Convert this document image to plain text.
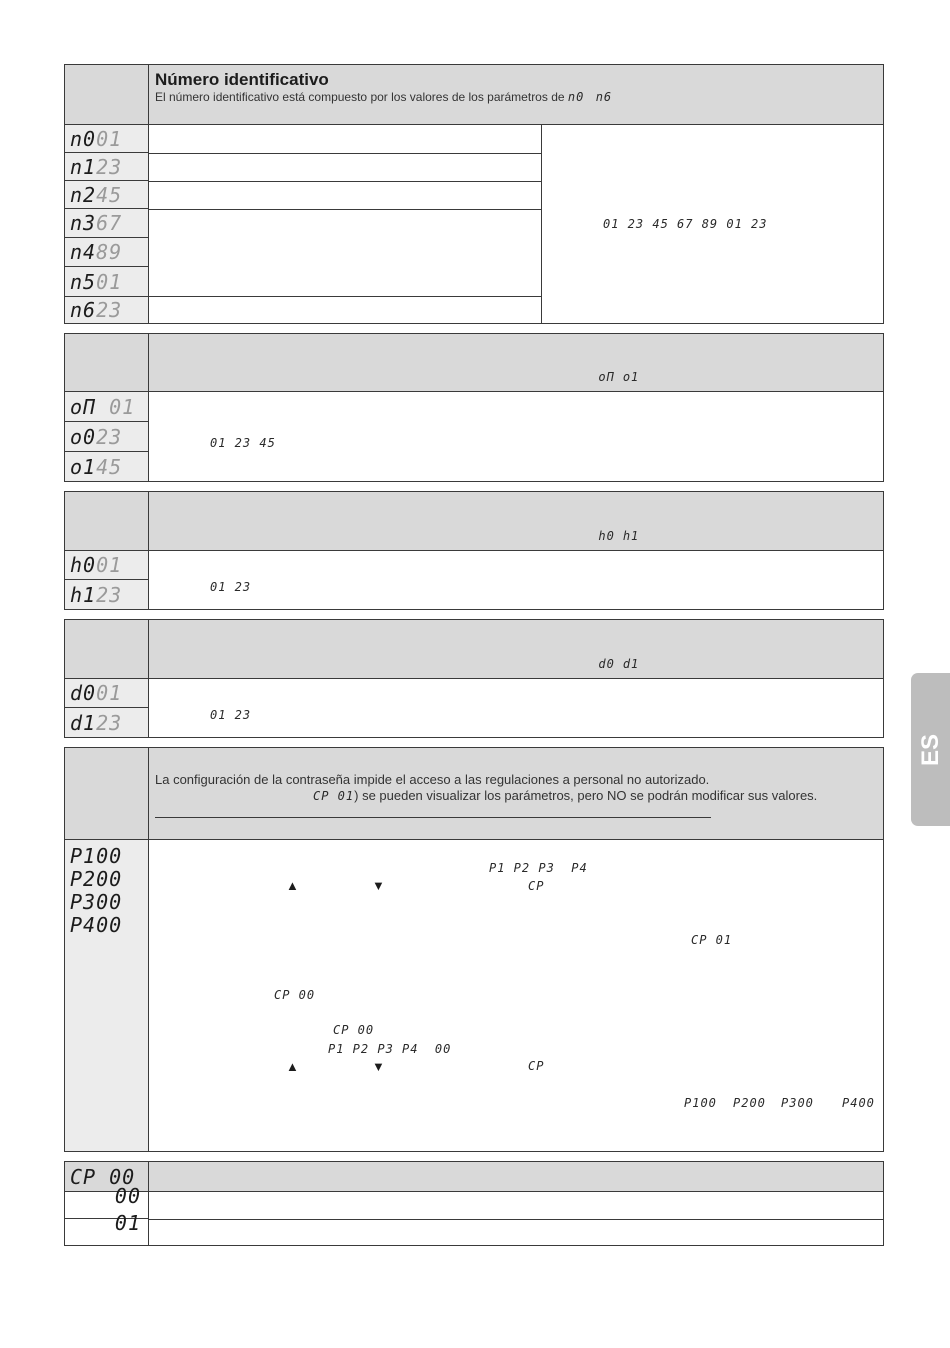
Número identificativo
El número identificativo está compuesto por los valores de los parámetros de n0 n6
n001
n123
n245
n367
n489
n501
n623
01 23 45 67 89 01 23

oΠ o1

oΠ 01
o023
o145
01 23 45

h0 h1

h001
h123	01 23

d0 d1

d001
d123	01 23
La configuración de la contraseña impide el acceso a las regulaciones a personal no autorizado.
CP 01) se pueden visualizar los parámetros, pero NO se podrán modificar sus valores.
P100
P200
P300
P400
P1 P2 P3  P4
▲	▼	CP
CP 01
CP 00
CP 00
P1 P2 P3 P4  00
▲	▼	CP
P100 P200 P300 P400
CP 00
00
01
ES
